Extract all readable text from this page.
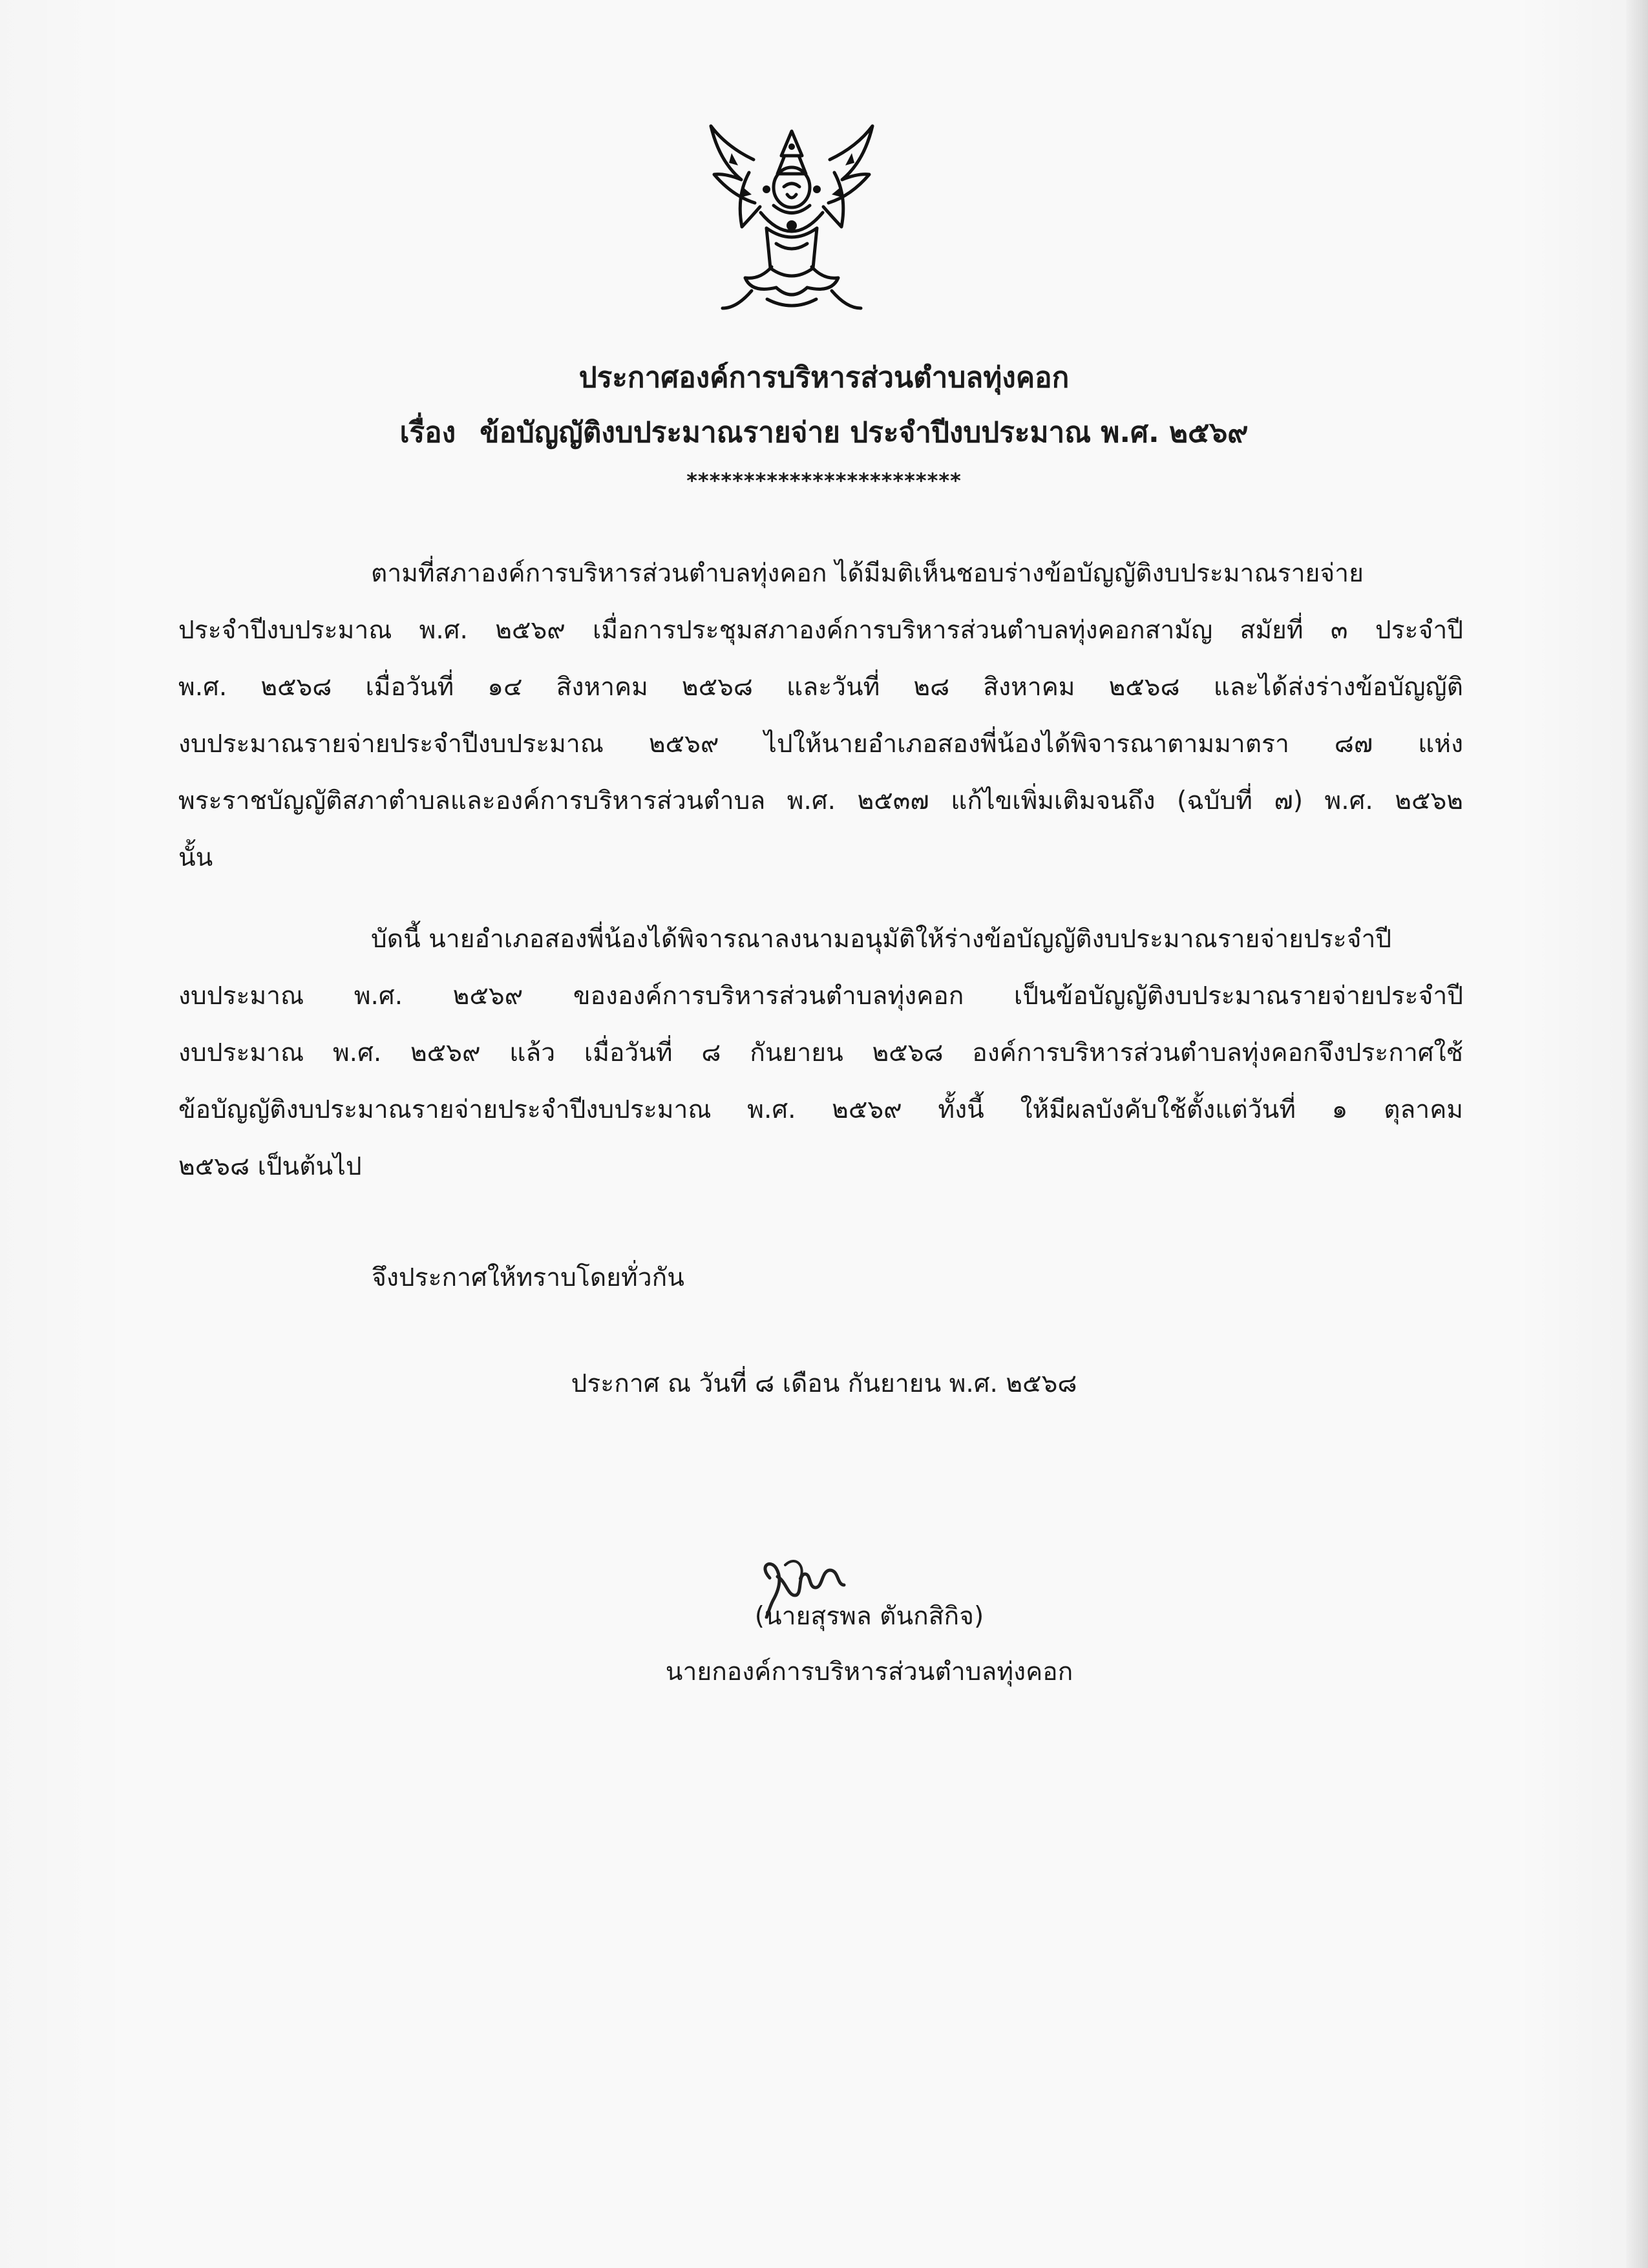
ประกาศองค์การบริหารส่วนตำบลทุ่งคอก
เรื่อง ข้อบัญญัติงบประมาณรายจ่าย ประจำปีงบประมาณ พ.ศ. ๒๕๖๙
************************
ตามที่สภาองค์การบริหารส่วนตำบลทุ่งคอก ได้มีมติเห็นชอบร่างข้อบัญญัติงบประมาณรายจ่าย
ประจำปีงบประมาณ พ.ศ. ๒๕๖๙ เมื่อการประชุมสภาองค์การบริหารส่วนตำบลทุ่งคอกสามัญ สมัยที่ ๓ ประจำปี
พ.ศ. ๒๕๖๘ เมื่อวันที่ ๑๔ สิงหาคม ๒๕๖๘ และวันที่ ๒๘ สิงหาคม ๒๕๖๘ และได้ส่งร่างข้อบัญญัติ
งบประมาณรายจ่ายประจำปีงบประมาณ ๒๕๖๙ ไปให้นายอำเภอสองพี่น้องได้พิจารณาตามมาตรา ๘๗ แห่ง
พระราชบัญญัติสภาตำบลและองค์การบริหารส่วนตำบล พ.ศ. ๒๕๓๗ แก้ไขเพิ่มเติมจนถึง (ฉบับที่ ๗) พ.ศ. ๒๕๖๒
นั้น
บัดนี้ นายอำเภอสองพี่น้องได้พิจารณาลงนามอนุมัติให้ร่างข้อบัญญัติงบประมาณรายจ่ายประจำปี
งบประมาณ พ.ศ. ๒๕๖๙ ขององค์การบริหารส่วนตำบลทุ่งคอก เป็นข้อบัญญัติงบประมาณรายจ่ายประจำปี
งบประมาณ พ.ศ. ๒๕๖๙ แล้ว เมื่อวันที่ ๘ กันยายน ๒๕๖๘ องค์การบริหารส่วนตำบลทุ่งคอกจึงประกาศใช้
ข้อบัญญัติงบประมาณรายจ่ายประจำปีงบประมาณ พ.ศ. ๒๕๖๙ ทั้งนี้ ให้มีผลบังคับใช้ตั้งแต่วันที่ ๑ ตุลาคม
๒๕๖๘ เป็นต้นไป
จึงประกาศให้ทราบโดยทั่วกัน
ประกาศ ณ วันที่ ๘ เดือน กันยายน พ.ศ. ๒๕๖๘
(นายสุรพล ตันกสิกิจ)
นายกองค์การบริหารส่วนตำบลทุ่งคอก
